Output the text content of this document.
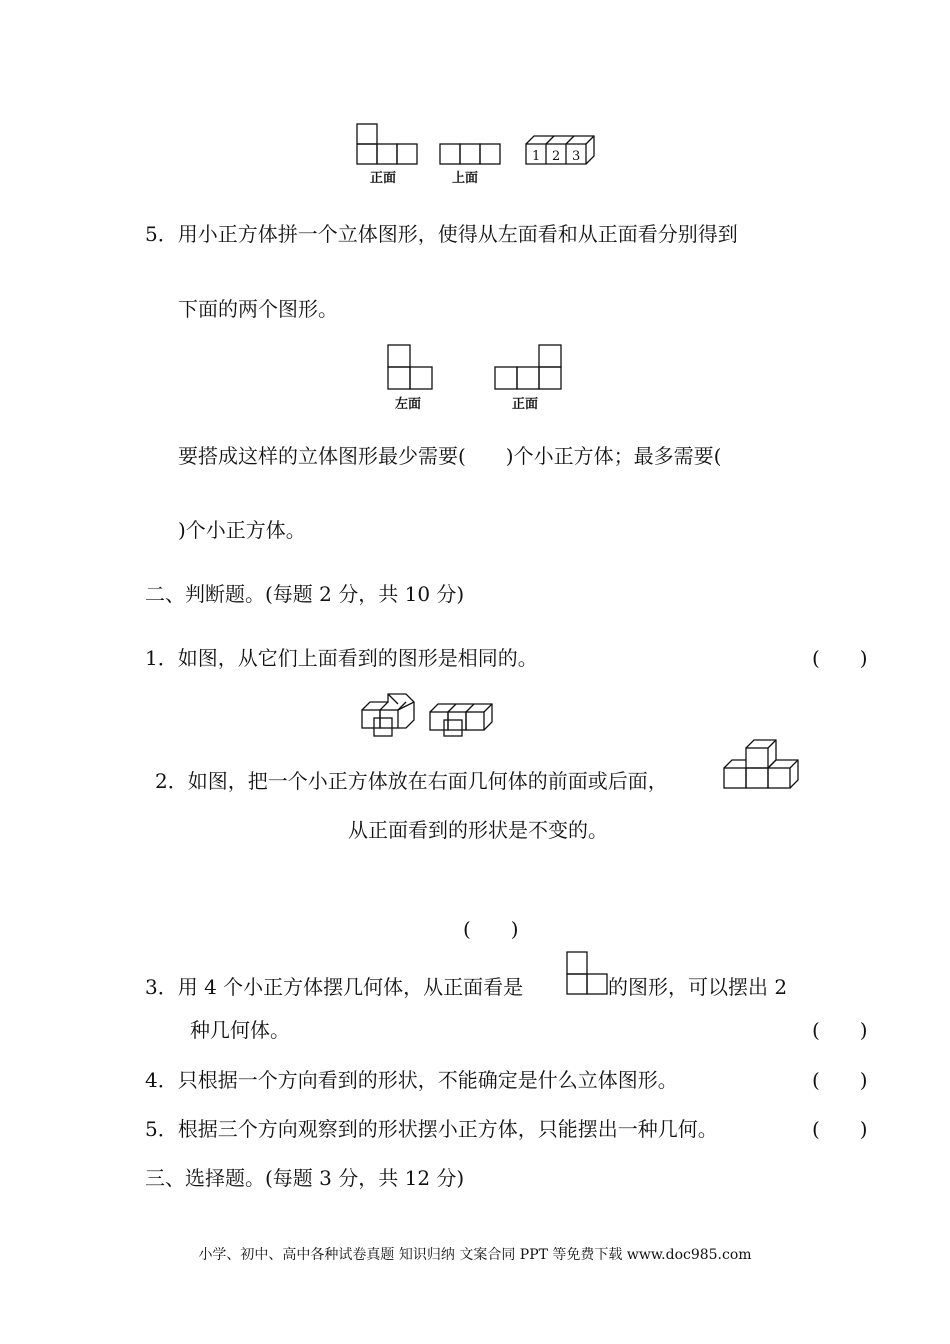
正面	上面
1 2 3
5．用小正方体拼一个立体图形，使得从左面看和从正面看分别得到
下面的两个图形。
左面	正面
要搭成这样的立体图形最少需要(　　)个小正方体；最多需要(
)个小正方体。
二、判断题。(每题 2 分，共 10 分)
1．如图，从它们上面看到的图形是相同的。	(　　)
2．如图，把一个小正方体放在右面几何体的前面或后面，
从正面看到的形状是不变的。
(　　)
3．用 4 个小正方体摆几何体，从正面看是	的图形，可以摆出 2
种几何体。	(　　)
4．只根据一个方向看到的形状，不能确定是什么立体图形。	(　　)
5．根据三个方向观察到的形状摆小正方体，只能摆出一种几何。	(　　)
三、选择题。(每题 3 分，共 12 分)
小学、初中、高中各种试卷真题 知识归纳 文案合同 PPT 等免费下载 www.doc985.com
